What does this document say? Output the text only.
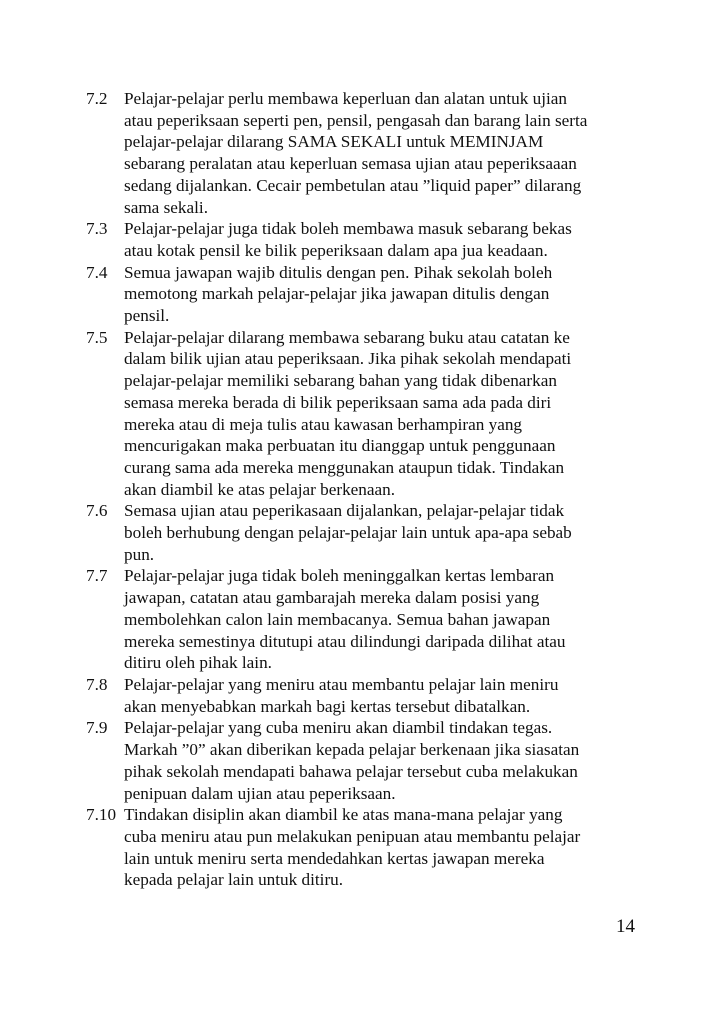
7.2 Pelajar-pelajar perlu membawa keperluan dan alatan untuk ujian
atau peperiksaan seperti pen, pensil, pengasah dan barang lain serta
pelajar-pelajar dilarang SAMA SEKALI untuk MEMINJAM
sebarang peralatan atau keperluan semasa ujian atau peperiksaaan
sedang dijalankan. Cecair pembetulan atau ”liquid paper” dilarang
sama sekali.

7.3 Pelajar-pelajar juga tidak boleh membawa masuk sebarang bekas
atau kotak pensil ke bilik peperiksaan dalam apa jua keadaan.

7.4 Semua jawapan wajib ditulis dengan pen. Pihak sekolah boleh
memotong markah pelajar-pelajar jika jawapan ditulis dengan
pensil.

7.5 Pelajar-pelajar dilarang membawa sebarang buku atau catatan ke
dalam bilik ujian atau peperiksaan. Jika pihak sekolah mendapati
pelajar-pelajar memiliki sebarang bahan yang tidak dibenarkan
semasa mereka berada di bilik peperiksaan sama ada pada diri
mereka atau di meja tulis atau kawasan berhampiran yang
mencurigakan maka perbuatan itu dianggap untuk penggunaan
curang sama ada mereka menggunakan ataupun tidak. Tindakan
akan diambil ke atas pelajar berkenaan.

7.6 Semasa ujian atau peperikasaan dijalankan, pelajar-pelajar tidak
boleh berhubung dengan pelajar-pelajar lain untuk apa-apa sebab
pun.

7.7 Pelajar-pelajar juga tidak boleh meninggalkan kertas lembaran
jawapan, catatan atau gambarajah mereka dalam posisi yang
membolehkan calon lain membacanya. Semua bahan jawapan
mereka semestinya ditutupi atau dilindungi daripada dilihat atau
ditiru oleh pihak lain.

7.8 Pelajar-pelajar yang meniru atau membantu pelajar lain meniru
akan menyebabkan markah bagi kertas tersebut dibatalkan.

7.9 Pelajar-pelajar yang cuba meniru akan diambil tindakan tegas.
Markah ”0” akan diberikan kepada pelajar berkenaan jika siasatan
pihak sekolah mendapati bahawa pelajar tersebut cuba melakukan
penipuan dalam ujian atau peperiksaan.

7.10 Tindakan disiplin akan diambil ke atas mana-mana pelajar yang
cuba meniru atau pun melakukan penipuan atau membantu pelajar
lain untuk meniru serta mendedahkan kertas jawapan mereka
kepada pelajar lain untuk ditiru.

14
